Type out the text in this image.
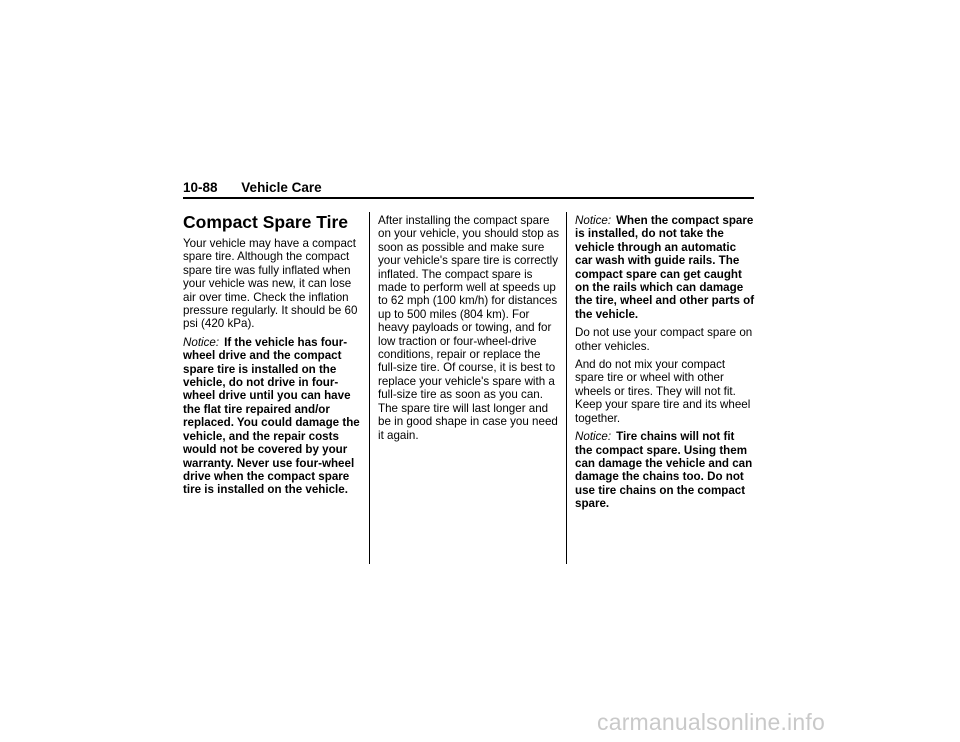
10-88 Vehicle Care
Compact Spare Tire

Your vehicle may have a compact spare tire. Although the compact spare tire was fully inflated when your vehicle was new, it can lose air over time. Check the inflation pressure regularly. It should be 60 psi (420 kPa).

Notice: If the vehicle has four-wheel drive and the compact spare tire is installed on the vehicle, do not drive in four-wheel drive until you can have the flat tire repaired and/or replaced. You could damage the vehicle, and the repair costs would not be covered by your warranty. Never use four-wheel drive when the compact spare tire is installed on the vehicle.

After installing the compact spare on your vehicle, you should stop as soon as possible and make sure your vehicle's spare tire is correctly inflated. The compact spare is made to perform well at speeds up to 62 mph (100 km/h) for distances up to 500 miles (804 km). For heavy payloads or towing, and for low traction or four-wheel-drive conditions, repair or replace the full-size tire. Of course, it is best to replace your vehicle's spare with a full-size tire as soon as you can. The spare tire will last longer and be in good shape in case you need it again.

Notice: When the compact spare is installed, do not take the vehicle through an automatic car wash with guide rails. The compact spare can get caught on the rails which can damage the tire, wheel and other parts of the vehicle.

Do not use your compact spare on other vehicles.

And do not mix your compact spare tire or wheel with other wheels or tires. They will not fit. Keep your spare tire and its wheel together.

Notice: Tire chains will not fit the compact spare. Using them can damage the vehicle and can damage the chains too. Do not use tire chains on the compact spare.

carmanualsonline.info
